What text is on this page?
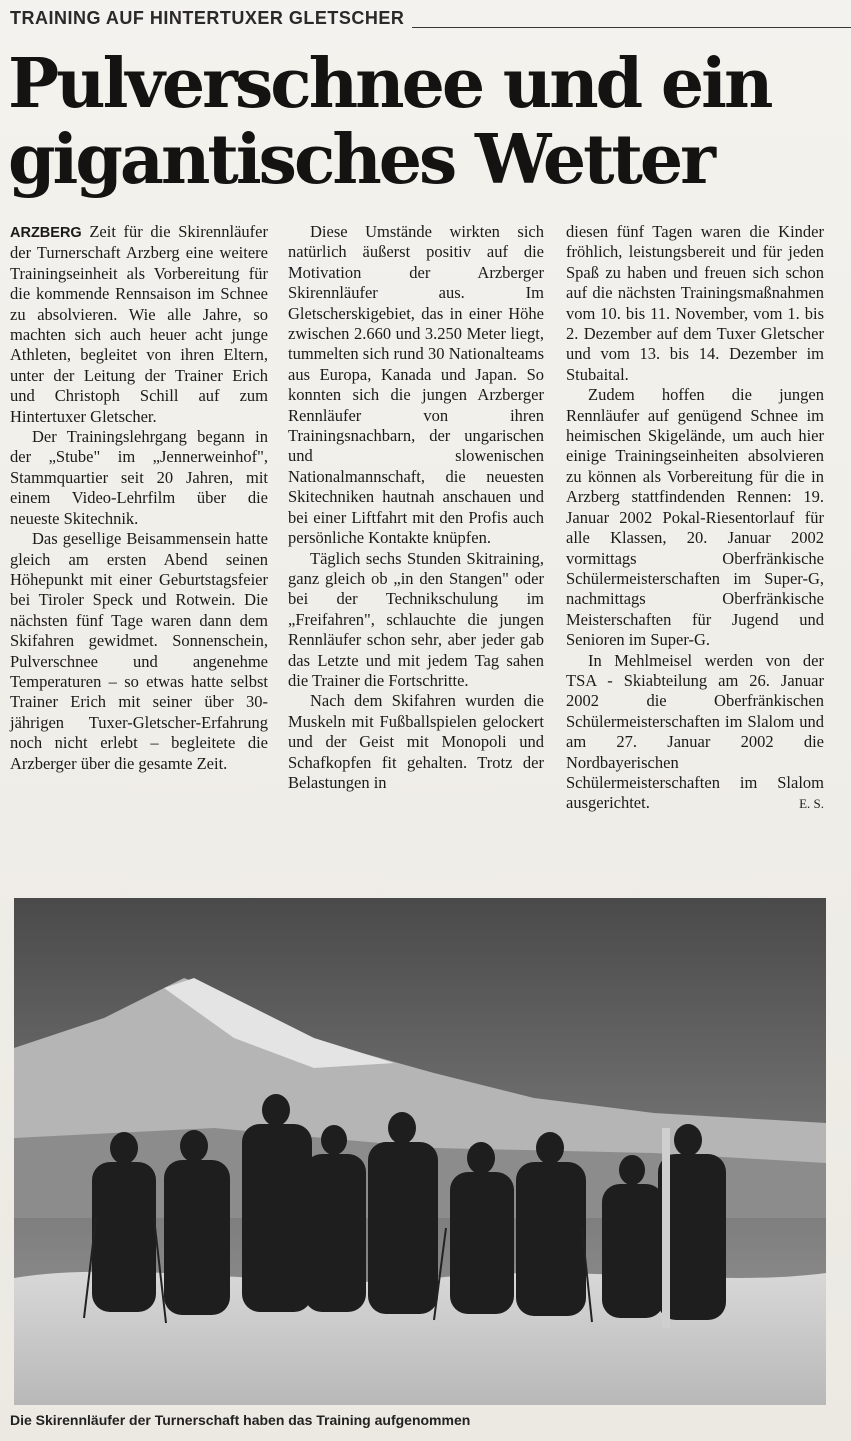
TRAINING AUF HINTERTUXER GLETSCHER
Pulverschnee und ein gigantisches Wetter

ARZBERG Zeit für die Skirennläufer der Turnerschaft Arzberg eine weitere Trainingseinheit als Vorbereitung für die kommende Rennsaison im Schnee zu absolvieren. Wie alle Jahre, so machten sich auch heuer acht junge Athleten, begleitet von ihren Eltern, unter der Leitung der Trainer Erich und Christoph Schill auf zum Hintertuxer Gletscher.

Der Trainingslehrgang begann in der „Stube" im „Jennerweinhof", Stammquartier seit 20 Jahren, mit einem Video-Lehrfilm über die neueste Skitechnik.

Das gesellige Beisammensein hatte gleich am ersten Abend seinen Höhepunkt mit einer Geburtstagsfeier bei Tiroler Speck und Rotwein. Die nächsten fünf Tage waren dann dem Skifahren gewidmet. Sonnenschein, Pulverschnee und angenehme Temperaturen – so etwas hatte selbst Trainer Erich mit seiner über 30-jährigen Tuxer-Gletscher-Erfahrung noch nicht erlebt – begleitete die Arzberger über die gesamte Zeit.

Diese Umstände wirkten sich natürlich äußerst positiv auf die Motivation der Arzberger Skirennläufer aus. Im Gletscherskigebiet, das in einer Höhe zwischen 2.660 und 3.250 Meter liegt, tummelten sich rund 30 Nationalteams aus Europa, Kanada und Japan. So konnten sich die jungen Arzberger Rennläufer von ihren Trainingsnachbarn, der ungarischen und slowenischen Nationalmannschaft, die neuesten Skitechniken hautnah anschauen und bei einer Liftfahrt mit den Profis auch persönliche Kontakte knüpfen.

Täglich sechs Stunden Skitraining, ganz gleich ob „in den Stangen" oder bei der Technikschulung im „Freifahren", schlauchte die jungen Rennläufer schon sehr, aber jeder gab das Letzte und mit jedem Tag sahen die Trainer die Fortschritte.

Nach dem Skifahren wurden die Muskeln mit Fußballspielen gelockert und der Geist mit Monopoli und Schafkopfen fit gehalten. Trotz der Belastungen in

diesen fünf Tagen waren die Kinder fröhlich, leistungsbereit und für jeden Spaß zu haben und freuen sich schon auf die nächsten Trainingsmaßnahmen vom 10. bis 11. November, vom 1. bis 2. Dezember auf dem Tuxer Gletscher und vom 13. bis 14. Dezember im Stubaital.

Zudem hoffen die jungen Rennläufer auf genügend Schnee im heimischen Skigelände, um auch hier einige Trainingseinheiten absolvieren zu können als Vorbereitung für die in Arzberg stattfindenden Rennen: 19. Januar 2002 Pokal-Riesentorlauf für alle Klassen, 20. Januar 2002 vormittags Oberfränkische Schülermeisterschaften im Super-G, nachmittags Oberfränkische Meisterschaften für Jugend und Senioren im Super-G.

In Mehlmeisel werden von der TSA - Skiabteilung am 26. Januar 2002 die Oberfränkischen Schülermeisterschaften im Slalom und am 27. Januar 2002 die Nordbayerischen Schülermeisterschaften im Slalom ausgerichtet.	E. S.
Die Skirennläufer der Turnerschaft haben das Training aufgenommen
